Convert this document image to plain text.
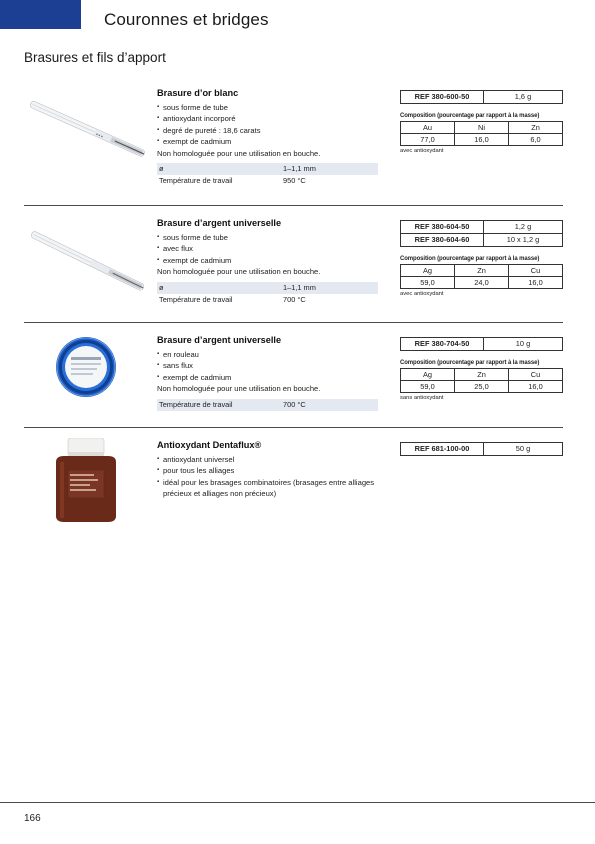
Couronnes et bridges
Brasures et fils d’apport
■ ■ ■
Brasure d’or blanc
▪ sous forme de tube
▪ antioxydant incorporé
▪ degré de pureté : 18,6 carats
▪ exempt de cadmium
Non homologuée pour une utilisation en bouche.
ø	1–1,1 mm
Température de travail	950 °C
REF 380-600-50	1,6 g
Composition (pourcentage par rapport à la masse)
Au	Ni	Zn
77,0	16,0	6,0
avec antioxydant
Brasure d’argent universelle
▪ sous forme de tube
▪ avec flux
▪ exempt de cadmium
Non homologuée pour une utilisation en bouche.
ø	1–1,1 mm
Température de travail	700 °C
REF 380-604-50	1,2 g
REF 380-604-60	10 x 1,2 g
Composition (pourcentage par rapport à la masse)
Ag	Zn	Cu
59,0	24,0	16,0
avec antioxydant
Brasure d’argent universelle
▪ en rouleau
▪ sans flux
▪ exempt de cadmium
Non homologuée pour une utilisation en bouche.
Température de travail	700 °C
REF 380-704-50	10 g
Composition (pourcentage par rapport à la masse)
Ag	Zn	Cu
59,0	25,0	16,0
sans antioxydant
Antioxydant Dentaflux®
▪ antioxydant universel
▪ pour tous les alliages
▪ idéal pour les brasages combinatoires (brasages entre alliages précieux et alliages non précieux)
REF 681-100-00	50 g
166
